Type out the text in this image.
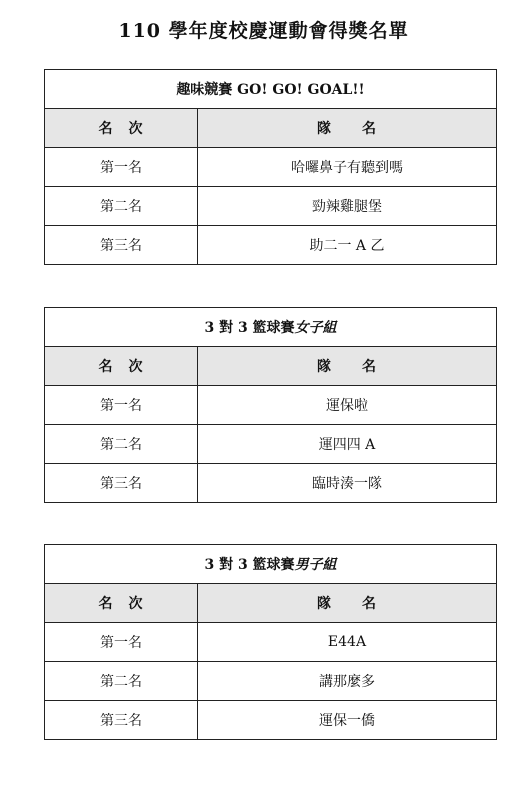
110 學年度校慶運動會得獎名單
趣味競賽 GO! GO! GOAL!!	
名　次	隊　　名
第一名	哈囉鼻子有聽到嗎
第二名	勁辣雞腿堡
第三名	助二一 A 乙
3 對 3 籃球賽女子組	
名　次	隊　　名
第一名	運保啦
第二名	運四四 A
第三名	臨時湊一隊
3 對 3 籃球賽男子組	
名　次	隊　　名
第一名	E44A
第二名	講那麼多
第三名	運保一僑
